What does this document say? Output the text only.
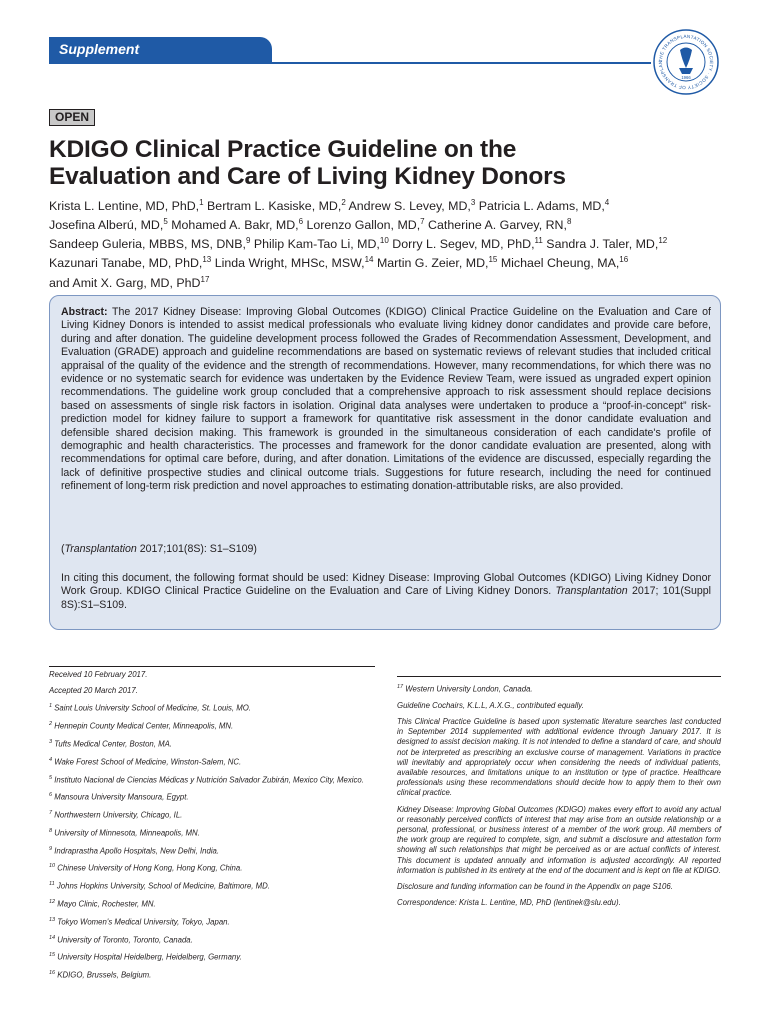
Supplement
THE TRANSPLANTATION SOCIETY · SOCIETY OF TRANSPLAN
1966
OPEN
KDIGO Clinical Practice Guideline on the
Evaluation and Care of Living Kidney Donors
Krista L. Lentine, MD, PhD,$^1$ Bertram L. Kasiske, MD,$^2$ Andrew S. Levey, MD,$^3$ Patricia L. Adams, MD,$^4$
Josefina Alberú, MD,$^5$ Mohamed A. Bakr, MD,$^6$ Lorenzo Gallon, MD,$^7$ Catherine A. Garvey, RN,$^8$
Sandeep Guleria, MBBS, MS, DNB,$^9$ Philip Kam-Tao Li, MD,$^{10}$ Dorry L. Segev, MD, PhD,$^{11}$ Sandra J. Taler, MD,$^{12}$
Kazunari Tanabe, MD, PhD,$^{13}$ Linda Wright, MHSc, MSW,$^{14}$ Martin G. Zeier, MD,$^{15}$ Michael Cheung, MA,$^{16}$
and Amit X. Garg, MD, PhD$^{17}$

Abstract: The 2017 Kidney Disease: Improving Global Outcomes (KDIGO) Clinical Practice Guideline on the Evaluation and Care of Living Kidney Donors is intended to assist medical professionals who evaluate living kidney donor candidates and provide care before, during and after donation. The guideline development process followed the Grades of Recommendation Assessment, Development, and Evaluation (GRADE) approach and guideline recommendations are based on systematic reviews of relevant studies that included critical appraisal of the quality of the evidence and the strength of recommendations. However, many recommendations, for which there was no evidence or no systematic search for evidence was undertaken by the Evidence Review Team, were issued as ungraded expert opinion recommendations. The guideline work group concluded that a comprehensive approach to risk assessment should replace decisions based on assessments of single risk factors in isolation. Original data analyses were undertaken to produce a “proof-in-concept” risk-prediction model for kidney failure to support a framework for quantitative risk assessment in the donor candidate evaluation and defensible shared decision making. This framework is grounded in the simultaneous consideration of each candidate's profile of demographic and health characteristics. The processes and framework for the donor candidate evaluation are presented, along with recommendations for optimal care before, during, and after donation. Limitations of the evidence are discussed, especially regarding the lack of definitive prospective studies and clinical outcome trials. Suggestions for future research, including the need for continued refinement of long-term risk prediction and novel approaches to estimating donation-attributable risks, are also provided.

(Transplantation 2017;101(8S): S1–S109)

In citing this document, the following format should be used: Kidney Disease: Improving Global Outcomes (KDIGO) Living Kidney Donor Work Group. KDIGO Clinical Practice Guideline on the Evaluation and Care of Living Kidney Donors. Transplantation 2017; 101(Suppl 8S):S1–S109.

Received 10 February 2017.
Accepted 20 March 2017.
$^1$ Saint Louis University School of Medicine, St. Louis, MO.
$^2$ Hennepin County Medical Center, Minneapolis, MN.
$^3$ Tufts Medical Center, Boston, MA.
$^4$ Wake Forest School of Medicine, Winston-Salem, NC.
$^5$ Instituto Nacional de Ciencias Médicas y Nutrición Salvador Zubirán, Mexico City, Mexico.
$^6$ Mansoura University Mansoura, Egypt.
$^7$ Northwestern University, Chicago, IL.
$^8$ University of Minnesota, Minneapolis, MN.
$^9$ Indraprastha Apollo Hospitals, New Delhi, India.
$^{10}$ Chinese University of Hong Kong, Hong Kong, China.
$^{11}$ Johns Hopkins University, School of Medicine, Baltimore, MD.
$^{12}$ Mayo Clinic, Rochester, MN.
$^{13}$ Tokyo Women's Medical University, Tokyo, Japan.
$^{14}$ University of Toronto, Toronto, Canada.
$^{15}$ University Hospital Heidelberg, Heidelberg, Germany.
$^{16}$ KDIGO, Brussels, Belgium.

$^{17}$ Western University London, Canada.

Guideline Cochairs, K.L.L, A.X.G., contributed equally.

This Clinical Practice Guideline is based upon systematic literature searches last conducted in September 2014 supplemented with additional evidence through January 2017. It is designed to assist decision making. It is not intended to define a standard of care, and should not be interpreted as prescribing an exclusive course of management. Variations in practice will inevitably and appropriately occur when considering the needs of individual patients, available resources, and limitations unique to an institution or type of practice. Healthcare professionals using these recommendations should decide how to apply them to their own clinical practice.

Kidney Disease: Improving Global Outcomes (KDIGO) makes every effort to avoid any actual or reasonably perceived conflicts of interest that may arise from an outside relationship or a personal, professional, or business interest of a member of the work group. All members of the work group are required to complete, sign, and submit a disclosure and attestation form showing all such relationships that might be perceived as or are actual conflicts of interest. This document is updated annually and information is adjusted accordingly. All reported information is published in its entirety at the end of the document and is kept on file at KDIGO.

Disclosure and funding information can be found in the Appendix on page S106.

Correspondence: Krista L. Lentine, MD, PhD (lentinek@slu.edu).
